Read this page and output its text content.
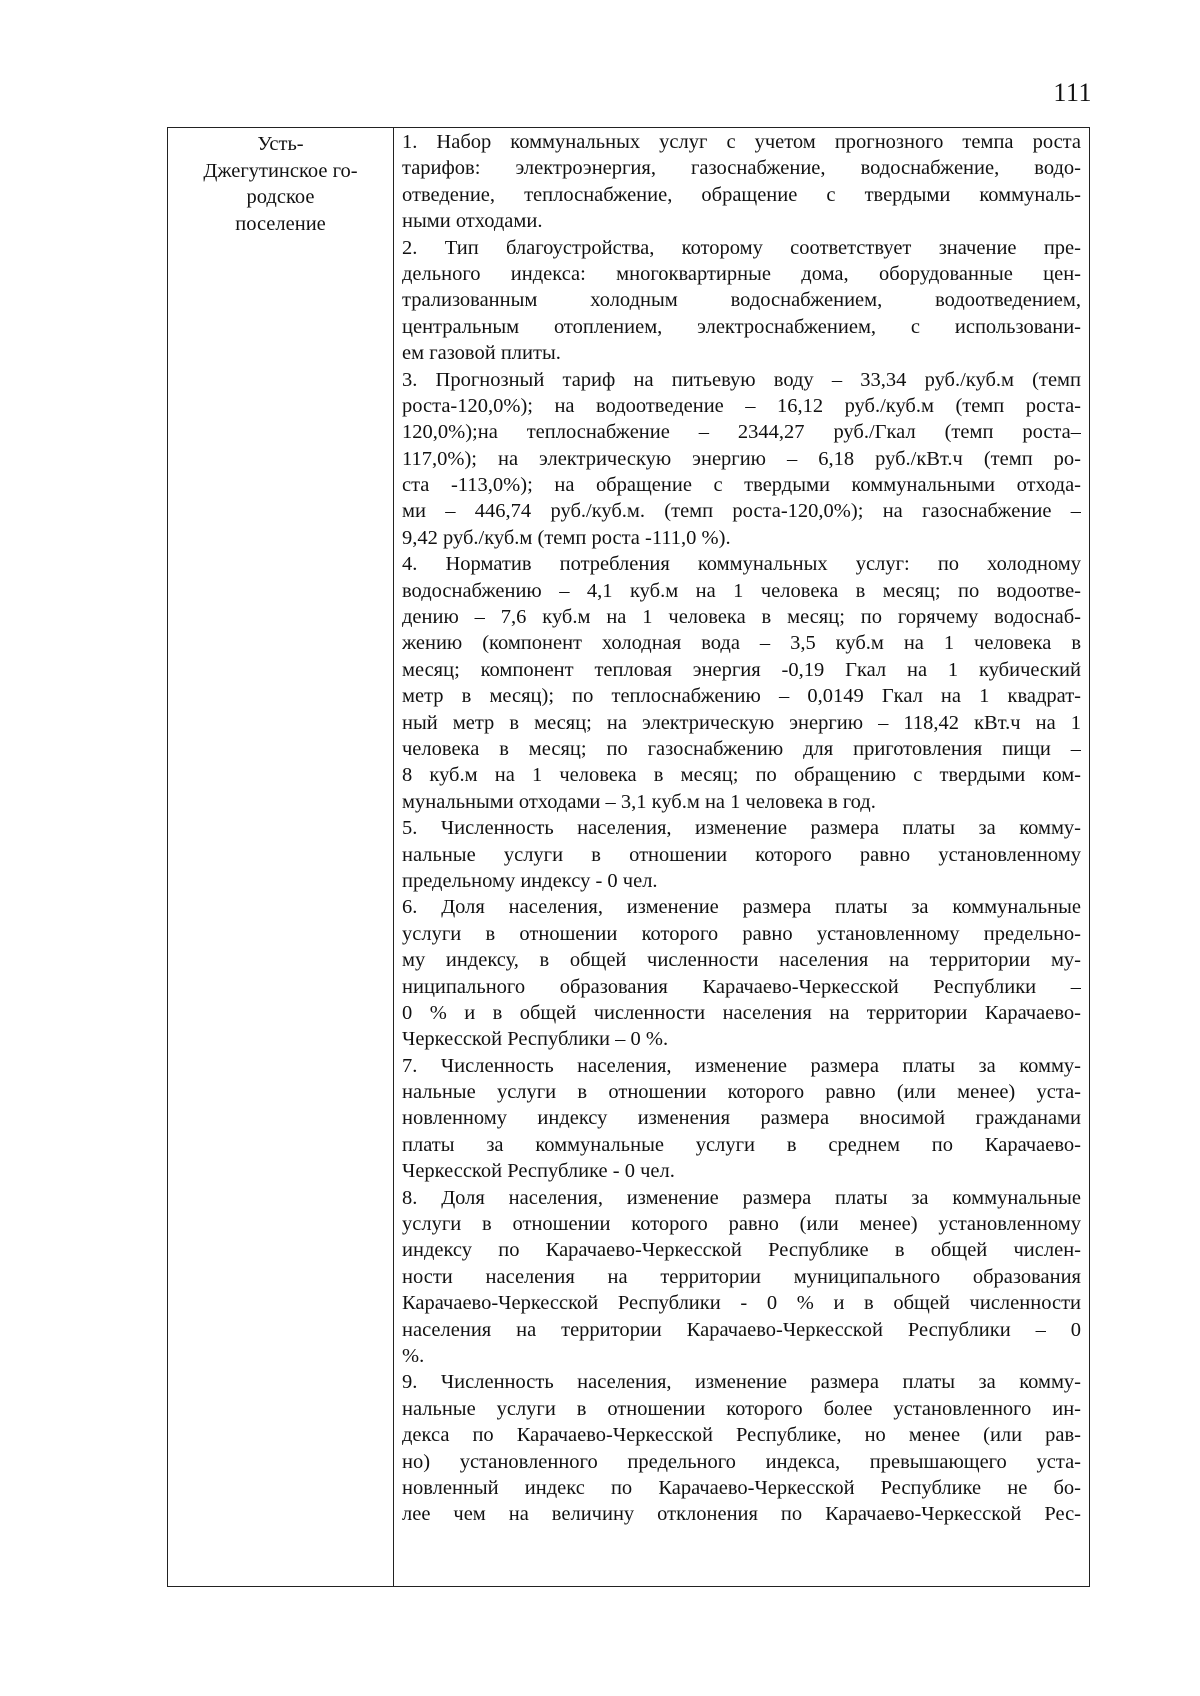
111
Усть-
Джегутинское го-
родское
поселение
1. Набор коммунальных услуг с учетом прогнозного темпа роста
тарифов: электроэнергия, газоснабжение, водоснабжение, водо-
отведение, теплоснабжение, обращение с твердыми коммуналь-
ными отходами.
2. Тип благоустройства, которому соответствует значение пре-
дельного индекса: многоквартирные дома, оборудованные цен-
трализованным холодным водоснабжением, водоотведением,
центральным отоплением, электроснабжением, с использовани-
ем газовой плиты.
3. Прогнозный тариф на питьевую воду – 33,34 руб./куб.м (темп
роста-120,0%); на водоотведение – 16,12 руб./куб.м (темп роста-
120,0%);на теплоснабжение – 2344,27 руб./Гкал (темп роста–
117,0%); на электрическую энергию – 6,18 руб./кВт.ч (темп ро-
ста -113,0%); на обращение с твердыми коммунальными отхода-
ми – 446,74 руб./куб.м. (темп роста-120,0%); на газоснабжение –
9,42 руб./куб.м (темп роста -111,0 %).
4. Норматив потребления коммунальных услуг: по холодному
водоснабжению – 4,1 куб.м на 1 человека в месяц; по водоотве-
дению – 7,6 куб.м на 1 человека в месяц; по горячему водоснаб-
жению (компонент холодная вода – 3,5 куб.м на 1 человека в
месяц; компонент тепловая энергия -0,19 Гкал на 1 кубический
метр в месяц); по теплоснабжению – 0,0149 Гкал на 1 квадрат-
ный метр в месяц; на электрическую энергию – 118,42 кВт.ч на 1
человека в месяц; по газоснабжению для приготовления пищи –
8 куб.м на 1 человека в месяц; по обращению с твердыми ком-
мунальными отходами – 3,1 куб.м на 1 человека в год.
5. Численность населения, изменение размера платы за комму-
нальные услуги в отношении которого равно установленному
предельному индексу - 0 чел.
6. Доля населения, изменение размера платы за коммунальные
услуги в отношении которого равно установленному предельно-
му индексу, в общей численности населения на территории му-
ниципального образования Карачаево-Черкесской Республики –
0 % и в общей численности населения на территории Карачаево-
Черкесской Республики – 0 %.
7. Численность населения, изменение размера платы за комму-
нальные услуги в отношении которого равно (или менее) уста-
новленному индексу изменения размера вносимой гражданами
платы за коммунальные услуги в среднем по Карачаево-
Черкесской Республике - 0 чел.
8. Доля населения, изменение размера платы за коммунальные
услуги в отношении которого равно (или менее) установленному
индексу по Карачаево-Черкесской Республике в общей числен-
ности населения на территории муниципального образования
Карачаево-Черкесской Республики - 0 % и в общей численности
населения на территории Карачаево-Черкесской Республики – 0
%.
9. Численность населения, изменение размера платы за комму-
нальные услуги в отношении которого более установленного ин-
декса по Карачаево-Черкесской Республике, но менее (или рав-
но) установленного предельного индекса, превышающего уста-
новленный индекс по Карачаево-Черкесской Республике не бо-
лее чем на величину отклонения по Карачаево-Черкесской Рес-
